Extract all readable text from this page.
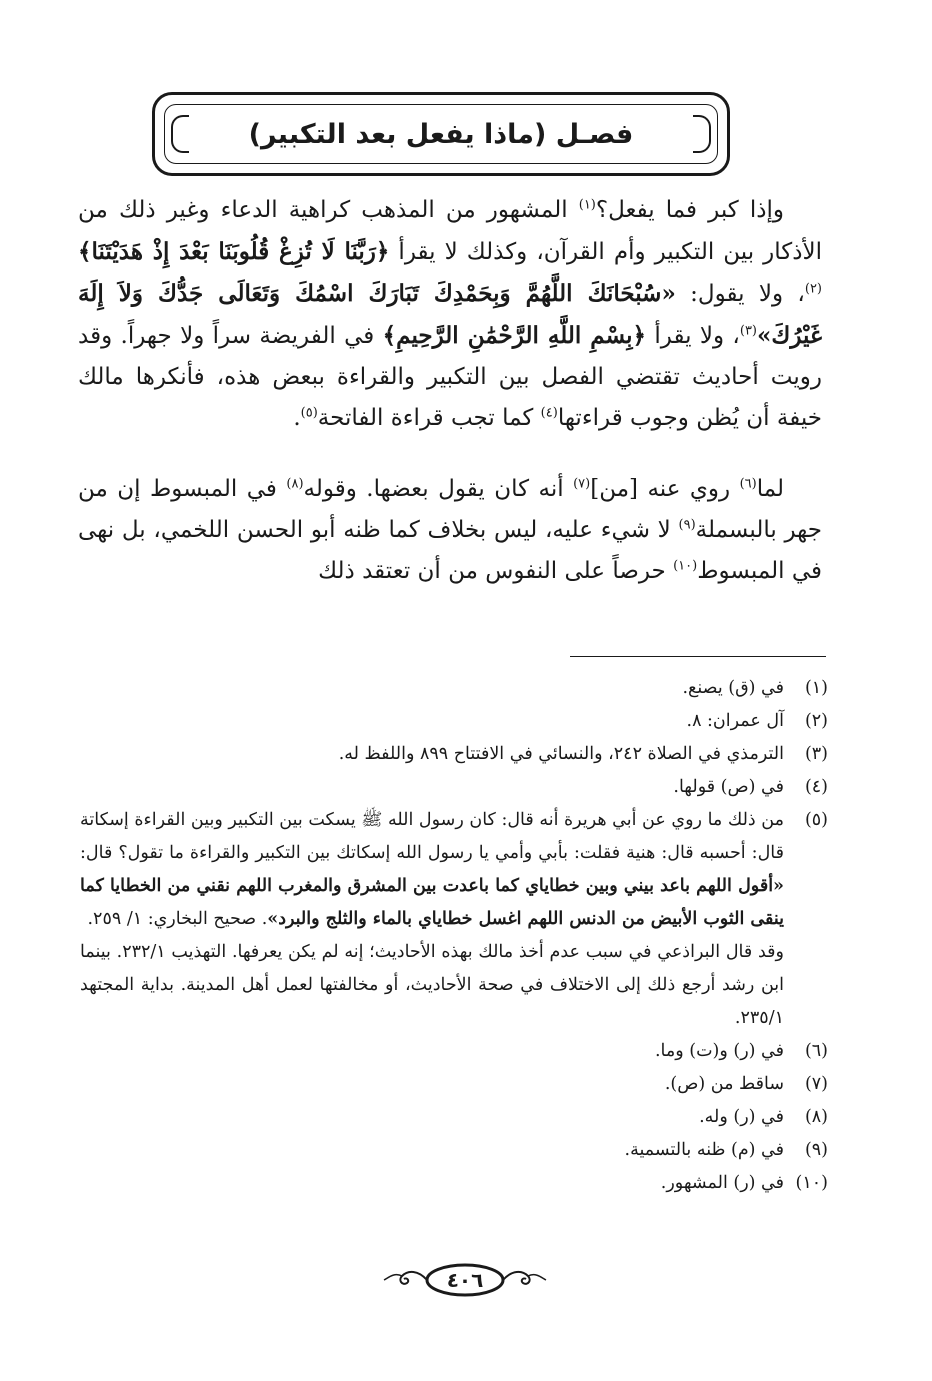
فصـل (ماذا يفعل بعد التكبير)

وإذا كبر فما يفعل؟$^{(١)}$ المشهور من المذهب كراهية الدعاء وغير ذلك من الأذكار بين التكبير وأم القرآن، وكذلك لا يقرأ ﴿رَبَّنَا لَا تُزِغْ قُلُوبَنَا بَعْدَ إِذْ هَدَيْتَنَا﴾$^{(٢)}$، ولا يقول: «سُبْحَانَكَ اللَّهُمَّ وَبِحَمْدِكَ تَبَارَكَ اسْمُكَ وَتَعَالَى جَدُّكَ وَلاَ إِلَهَ غَيْرُكَ»$^{(٣)}$، ولا يقرأ ﴿بِسْمِ اللَّهِ الرَّحْمَٰنِ الرَّحِيمِ﴾ في الفريضة سراً ولا جهراً. وقد رويت أحاديث تقتضي الفصل بين التكبير والقراءة ببعض هذه، فأنكرها مالك خيفة أن يُظن وجوب قراءتها$^{(٤)}$ كما تجب قراءة الفاتحة$^{(٥)}$.

لما$^{(٦)}$ روي عنه [من]$^{(٧)}$ أنه كان يقول بعضها. وقوله$^{(٨)}$ في المبسوط إن من جهر بالبسملة$^{(٩)}$ لا شيء عليه، ليس بخلاف كما ظنه أبو الحسن اللخمي، بل نهى في المبسوط$^{(١٠)}$ حرصاً على النفوس من أن تعتقد ذلك

(١)
في (ق) يصنع.
(٢)
آل عمران: ٨.
(٣)
الترمذي في الصلاة ٢٤٢، والنسائي في الافتتاح ٨٩٩ واللفظ له.
(٤)
في (ص) قولها.
(٥)
من ذلك ما روي عن أبي هريرة أنه قال: كان رسول الله ﷺ يسكت بين التكبير وبين القراءة إسكاتة قال: أحسبه قال: هنية فقلت: بأبي وأمي يا رسول الله إسكاتك بين التكبير والقراءة ما تقول؟ قال: «أقول اللهم باعد بيني وبين خطاياي كما باعدت بين المشرق والمغرب اللهم نقني من الخطايا كما ينقى الثوب الأبيض من الدنس اللهم اغسل خطاياي بالماء والثلج والبرد». صحيح البخاري: ١/ ٢٥٩.
وقد قال البراذعي في سبب عدم أخذ مالك بهذه الأحاديث؛ إنه لم يكن يعرفها. التهذيب ٢٣٢/١. بينما ابن رشد أرجع ذلك إلى الاختلاف في صحة الأحاديث، أو مخالفتها لعمل أهل المدينة. بداية المجتهد ٢٣٥/١.
(٦)
في (ر) و(ت) وما.
(٧)
ساقط من (ص).
(٨)
في (ر) وله.
(٩)
في (م) ظنه بالتسمية.
(١٠)
في (ر) المشهور.
٤٠٦
